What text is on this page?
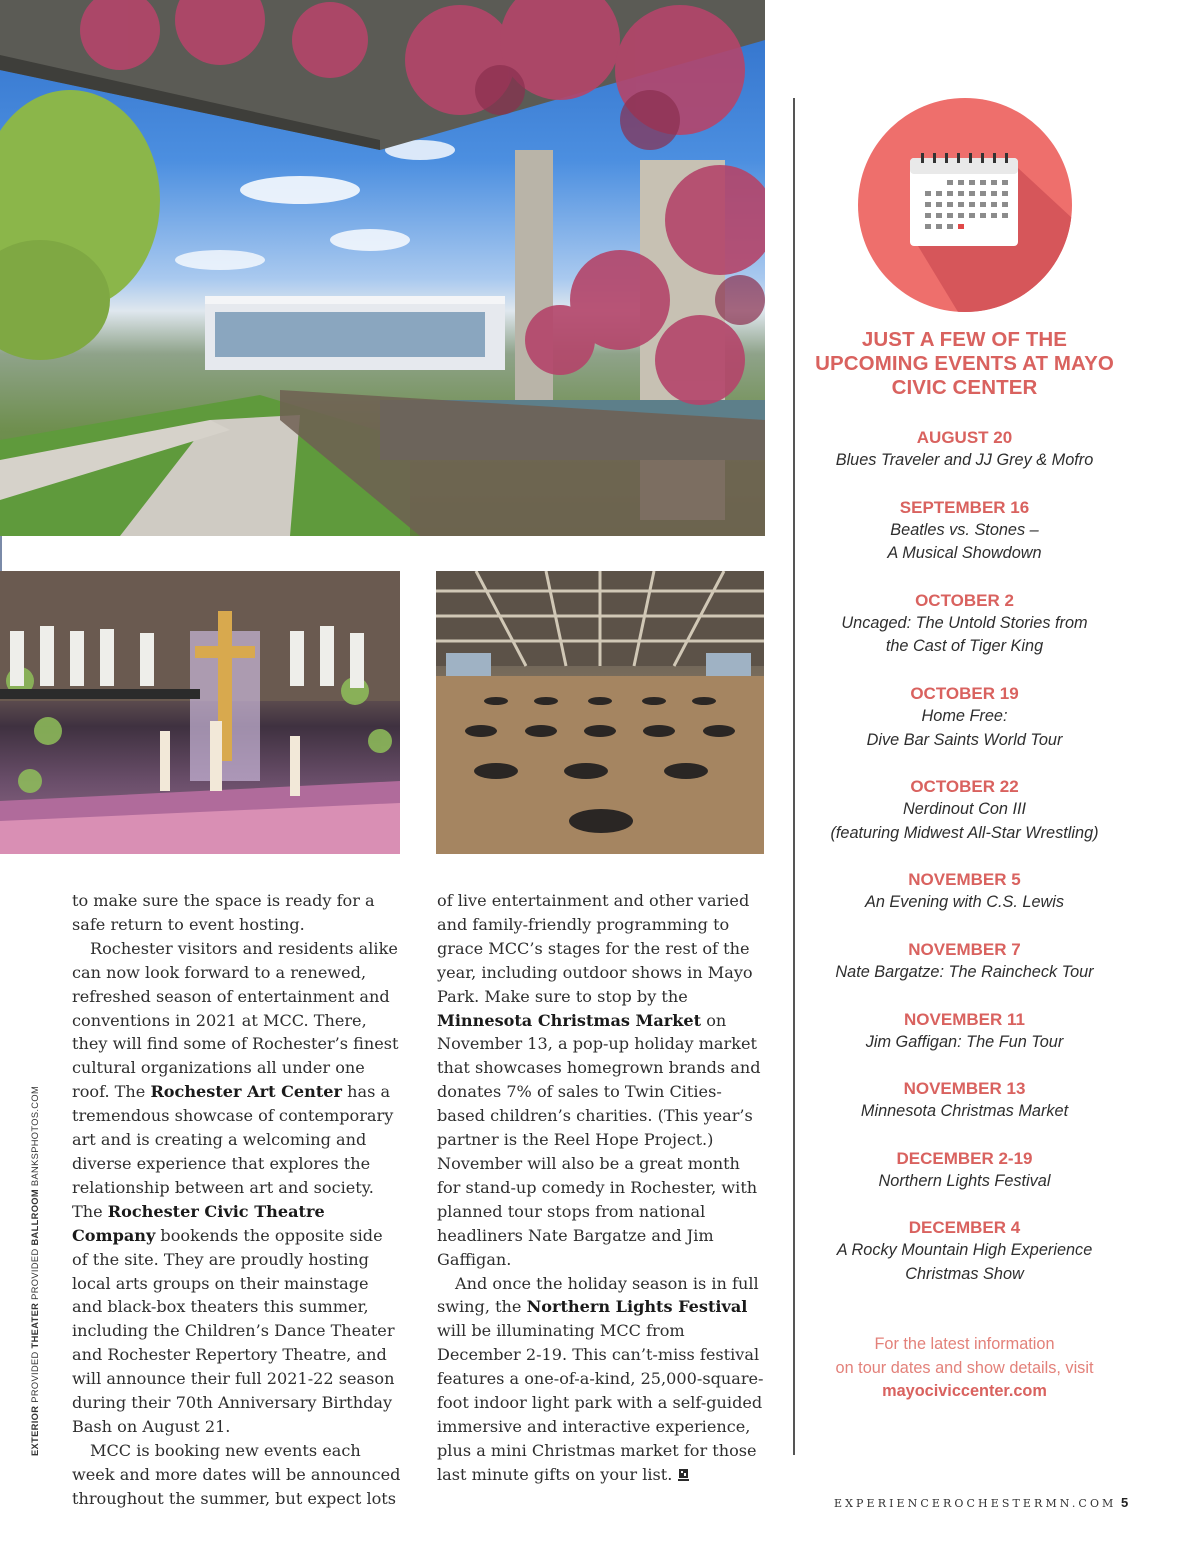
to make sure the space is ready for a safe return to event hosting.

Rochester visitors and residents alike can now look forward to a renewed, refreshed season of entertainment and conventions in 2021 at MCC. There, they will find some of Rochester’s finest cultural organizations all under one roof. The Rochester Art Center has a tremendous showcase of contemporary art and is creating a welcoming and diverse experience that explores the relationship between art and society. The Rochester Civic Theatre Company bookends the opposite side of the site. They are proudly hosting local arts groups on their mainstage and black-box theaters this summer, including the Children’s Dance Theater and Rochester Repertory Theatre, and will announce their full 2021-22 season during their 70th Anniversary Birthday Bash on August 21.

MCC is booking new events each week and more dates will be announced throughout the summer, but expect lots

of live entertainment and other varied and family-friendly programming to grace MCC’s stages for the rest of the year, including outdoor shows in Mayo Park. Make sure to stop by the Minnesota Christmas Market on November 13, a pop-up holiday market that showcases homegrown brands and donates 7% of sales to Twin Cities-based children’s charities. (This year’s partner is the Reel Hope Project.) November will also be a great month for stand-up comedy in Rochester, with planned tour stops from national headliners Nate Bargatze and Jim Gaffigan.

And once the holiday season is in full swing, the Northern Lights Festival will be illuminating MCC from December 2-19. This can’t-miss festival features a one-of-a-kind, 25,000-square-foot indoor light park with a self-guided immersive and interactive experience, plus a mini Christmas market for those last minute gifts on your list.

EXTERIOR PROVIDED THEATER PROVIDED BALLROOM BANKSPHOTOS.COM
JUST A FEW OF THE UPCOMING EVENTS AT MAYO CIVIC CENTER
AUGUST 20
Blues Traveler and JJ Grey & Mofro
SEPTEMBER 16
Beatles vs. Stones –
A Musical Showdown
OCTOBER 2
Uncaged: The Untold Stories from
the Cast of Tiger King
OCTOBER 19
Home Free:
Dive Bar Saints World Tour
OCTOBER 22
Nerdinout Con III
(featuring Midwest All-Star Wrestling)
NOVEMBER 5
An Evening with C.S. Lewis
NOVEMBER 7
Nate Bargatze: The Raincheck Tour
NOVEMBER 11
Jim Gaffigan: The Fun Tour
NOVEMBER 13
Minnesota Christmas Market
DECEMBER 2-19
Northern Lights Festival
DECEMBER 4
A Rocky Mountain High Experience
Christmas Show
For the latest information
on tour dates and show details, visit
mayociviccenter.com
EXPERIENCEROCHESTERMN.COM 5
